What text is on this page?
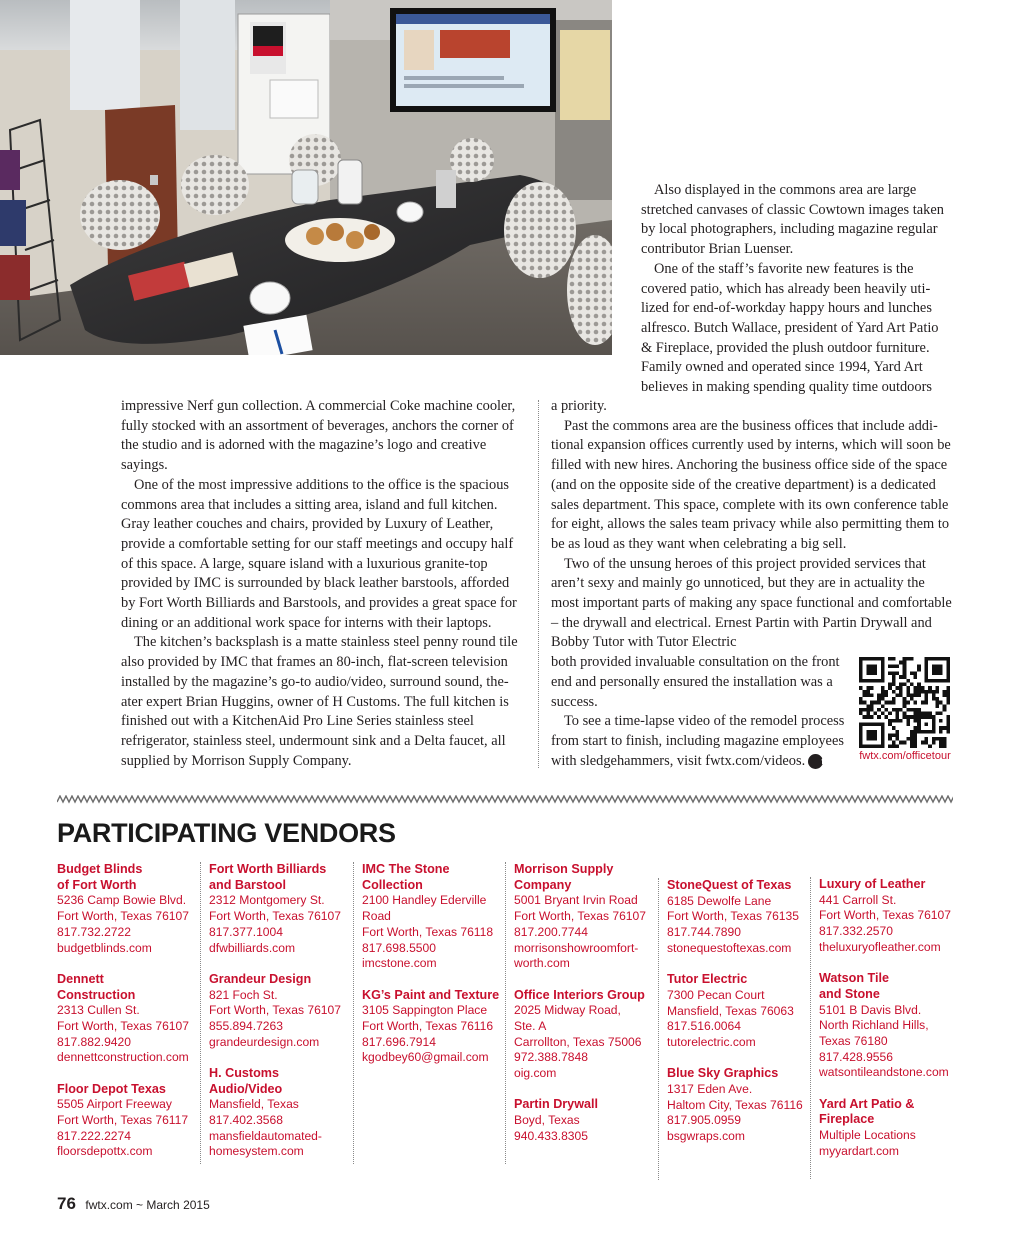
Also displayed in the commons area are large stretched canvases of classic Cowtown images taken by local photographers, including magazine regular contributor Brian Luenser.

One of the staff’s favorite new features is the covered patio, which has already been heavily uti- lized for end-of-workday happy hours and lunches alfresco. Butch Wallace, president of Yard Art Patio & Fireplace, provided the plush outdoor furniture. Family owned and operated since 1994, Yard Art believes in making spending quality time outdoors

impressive Nerf gun collection. A commercial Coke machine cooler, fully stocked with an assortment of beverages, anchors the corner of the studio and is adorned with the magazine’s logo and creative sayings.

One of the most impressive additions to the office is the spacious commons area that includes a sitting area, island and full kitchen. Gray leather couches and chairs, provided by Luxury of Leather, provide a comfortable setting for our staff meetings and occupy half of this space. A large, square island with a luxurious granite-top provided by IMC is surrounded by black leather barstools, afforded by Fort Worth Billiards and Barstools, and provides a great space for dining or an additional work space for interns with their laptops.

The kitchen’s backsplash is a matte stainless steel penny round tile also provided by IMC that frames an 80-inch, flat-screen television installed by the magazine’s go-to audio/video, surround sound, the- ater expert Brian Huggins, owner of H Customs. The full kitchen is finished out with a KitchenAid Pro Line Series stainless steel refrigerator, stainless steel, undermount sink and a Delta faucet, all supplied by Morrison Supply Company.

a priority.

Past the commons area are the business offices that include addi- tional expansion offices currently used by interns, which will soon be filled with new hires. Anchoring the business office side of the space (and on the opposite side of the creative department) is a dedicated sales department. This space, complete with its own conference table for eight, allows the sales team privacy while also permitting them to be as loud as they want when celebrating a big sell.

Two of the unsung heroes of this project provided services that aren’t sexy and mainly go unnoticed, but they are in actuality the most important parts of making any space functional and comfortable – the drywall and electrical. Ernest Partin with Partin Drywall and Bobby Tutor with Tutor Electric

both provided invaluable consultation on the front end and personally ensured the installation was a success.

To see a time-lapse video of the remodel process from start to finish, including magazine employees with sledgehammers, visit fwtx.com/videos. fw	fwtx.com/officetour
PARTICIPATING VENDORS
Budget Blinds
of Fort Worth
5236 Camp Bowie Blvd.
Fort Worth, Texas 76107
817.732.2722
budgetblinds.com
Dennett
Construction
2313 Cullen St.
Fort Worth, Texas 76107
817.882.9420
dennettconstruction.com
Floor Depot Texas
5505 Airport Freeway
Fort Worth, Texas 76117
817.222.2274
floorsdepottx.com
Fort Worth Billiards
and Barstool
2312 Montgomery St.
Fort Worth, Texas 76107
817.377.1004
dfwbilliards.com
Grandeur Design
821 Foch St.
Fort Worth, Texas 76107
855.894.7263
grandeurdesign.com
H. Customs
Audio/Video
Mansfield, Texas
817.402.3568
mansfieldautomated-
homesystem.com
IMC The Stone
Collection
2100 Handley Ederville
Road
Fort Worth, Texas 76118
817.698.5500
imcstone.com
KG’s Paint and Texture
3105 Sappington Place
Fort Worth, Texas 76116
817.696.7914
kgodbey60@gmail.com
Morrison Supply
Company
5001 Bryant Irvin Road
Fort Worth, Texas 76107
817.200.7744
morrisonshowroomfort-
worth.com
Office Interiors Group
2025 Midway Road,
Ste. A
Carrollton, Texas 75006
972.388.7848
oig.com
Partin Drywall
Boyd, Texas
940.433.8305
StoneQuest of Texas
6185 Dewolfe Lane
Fort Worth, Texas 76135
817.744.7890
stonequestoftexas.com
Tutor Electric
7300 Pecan Court
Mansfield, Texas 76063
817.516.0064
tutorelectric.com
Blue Sky Graphics
1317 Eden Ave.
Haltom City, Texas 76116
817.905.0959
bsgwraps.com
Luxury of Leather
441 Carroll St.
Fort Worth, Texas 76107
817.332.2570
theluxuryofleather.com
Watson Tile
and Stone
5101 B Davis Blvd.
North Richland Hills,
Texas 76180
817.428.9556
watsontileandstone.com
Yard Art Patio &
Fireplace
Multiple Locations
myyardart.com
76 fwtx.com ~ March 2015
